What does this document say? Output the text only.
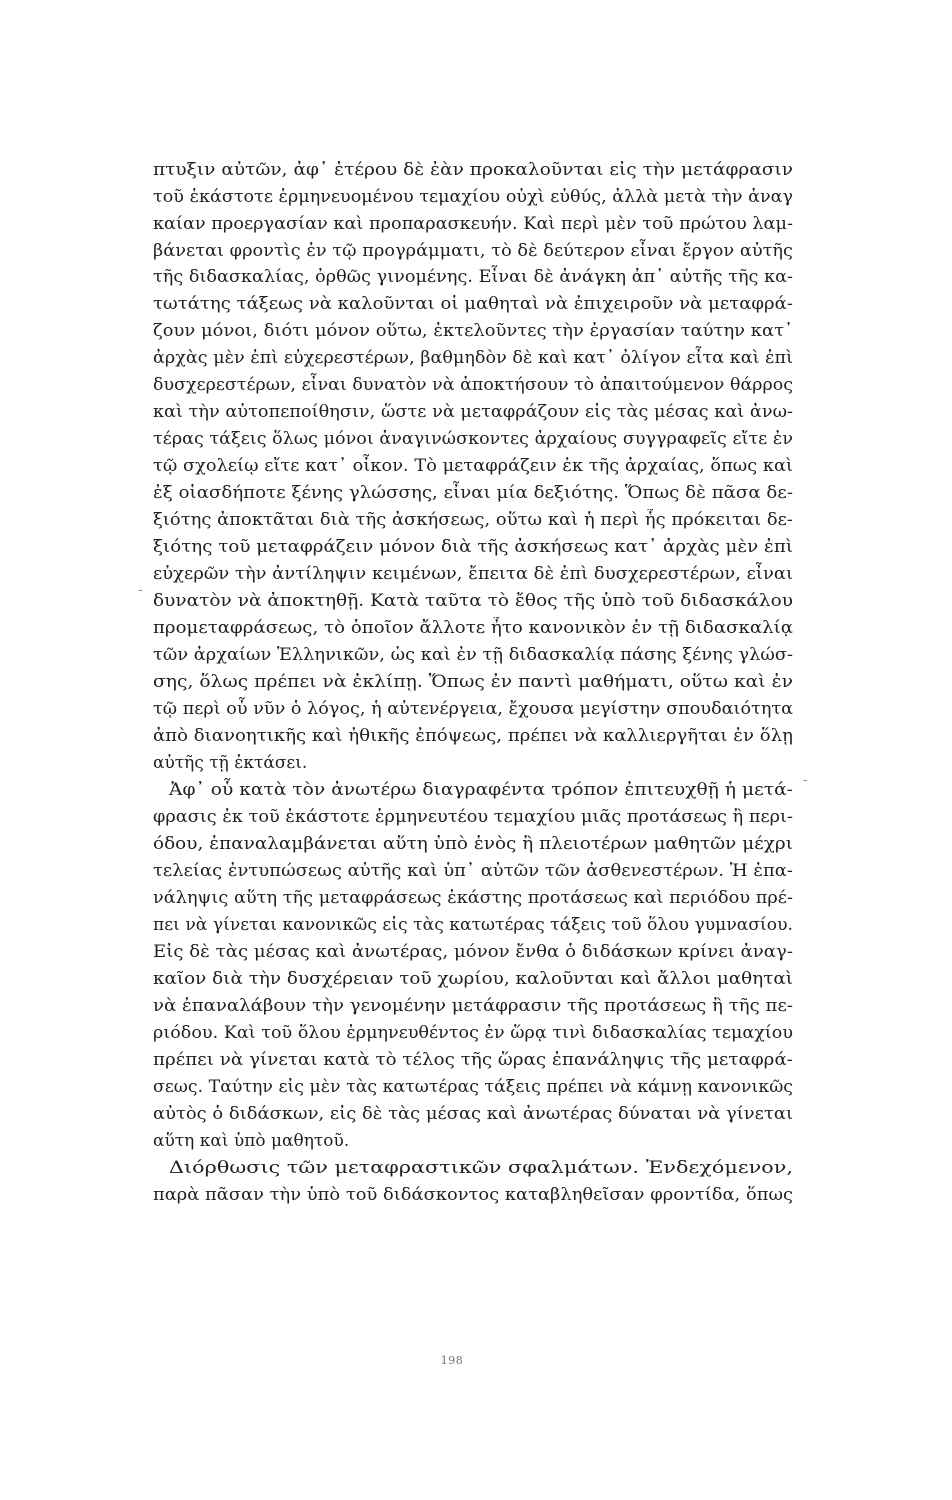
πτυξιν αὐτῶν, ἀφ᾽ ἑτέρου δὲ ἐὰν προκαλοῦνται εἰς τὴν μετάφρασιν
τοῦ ἑκάστοτε ἑρμηνευομένου τεμαχίου οὐχὶ εὐθύς, ἀλλὰ μετὰ τὴν ἀναγ
καίαν προεργασίαν καὶ προπαρασκευήν. Καὶ περὶ μὲν τοῦ πρώτου λαμ-
βάνεται φροντὶς ἐν τῷ προγράμματι, τὸ δὲ δεύτερον εἶναι ἔργον αὐτῆς
τῆς διδασκαλίας, ὀρθῶς γινομένης. Εἶναι δὲ ἀνάγκη ἀπ᾽ αὐτῆς τῆς κα-
τωτάτης τάξεως νὰ καλοῦνται οἱ μαθηταὶ νὰ ἐπιχειροῦν νὰ μεταφρά-
ζουν μόνοι, διότι μόνον οὕτω, ἐκτελοῦντες τὴν ἐργασίαν ταύτην κατ᾽
ἀρχὰς μὲν ἐπὶ εὐχερεστέρων, βαθμηδὸν δὲ καὶ κατ᾽ ὀλίγον εἶτα καὶ ἐπὶ
δυσχερεστέρων, εἶναι δυνατὸν νὰ ἀποκτήσουν τὸ ἀπαιτούμενον θάρρος
καὶ τὴν αὐτοπεποίθησιν, ὥστε νὰ μεταφράζουν εἰς τὰς μέσας καὶ ἀνω-
τέρας τάξεις ὅλως μόνοι ἀναγινώσκοντες ἀρχαίους συγγραφεῖς εἴτε ἐν
τῷ σχολείῳ εἴτε κατ᾽ οἶκον. Τὸ μεταφράζειν ἐκ τῆς ἀρχαίας, ὅπως καὶ
ἐξ οἱασδήποτε ξένης γλώσσης, εἶναι μία δεξιότης. Ὅπως δὲ πᾶσα δε-
ξιότης ἀποκτᾶται διὰ τῆς ἀσκήσεως, οὕτω καὶ ἡ περὶ ἧς πρόκειται δε-
ξιότης τοῦ μεταφράζειν μόνον διὰ τῆς ἀσκήσεως κατ᾽ ἀρχὰς μὲν ἐπὶ
εὐχερῶν τὴν ἀντίληψιν κειμένων, ἔπειτα δὲ ἐπὶ δυσχερεστέρων, εἶναι
δυνατὸν νὰ ἀποκτηθῇ. Κατὰ ταῦτα τὸ ἔθος τῆς ὑπὸ τοῦ διδασκάλου
προμεταφράσεως, τὸ ὁποῖον ἄλλοτε ἦτο κανονικὸν ἐν τῇ διδασκαλίᾳ
τῶν ἀρχαίων Ἑλληνικῶν, ὡς καὶ ἐν τῇ διδασκαλίᾳ πάσης ξένης γλώσ-
σης, ὅλως πρέπει νὰ ἐκλίπῃ. Ὅπως ἐν παντὶ μαθήματι, οὕτω καὶ ἐν
τῷ περὶ οὗ νῦν ὁ λόγος, ἡ αὐτενέργεια, ἔχουσα μεγίστην σπουδαιότητα
ἀπὸ διανοητικῆς καὶ ἠθικῆς ἐπόψεως, πρέπει νὰ καλλιεργῆται ἐν ὅλῃ
αὐτῆς τῇ ἐκτάσει.
Ἀφ᾽ οὗ κατὰ τὸν ἀνωτέρω διαγραφέντα τρόπον ἐπιτευχθῇ ἡ μετά-
φρασις ἐκ τοῦ ἑκάστοτε ἑρμηνευτέου τεμαχίου μιᾶς προτάσεως ἢ περι-
όδου, ἐπαναλαμβάνεται αὕτη ὑπὸ ἑνὸς ἢ πλειοτέρων μαθητῶν μέχρι
τελείας ἐντυπώσεως αὐτῆς καὶ ὑπ᾽ αὐτῶν τῶν ἀσθενεστέρων. Ἡ ἐπα-
νάληψις αὕτη τῆς μεταφράσεως ἑκάστης προτάσεως καὶ περιόδου πρέ-
πει νὰ γίνεται κανονικῶς εἰς τὰς κατωτέρας τάξεις τοῦ ὅλου γυμνασίου.
Εἰς δὲ τὰς μέσας καὶ ἀνωτέρας, μόνον ἔνθα ὁ διδάσκων κρίνει ἀναγ-
καῖον διὰ τὴν δυσχέρειαν τοῦ χωρίου, καλοῦνται καὶ ἄλλοι μαθηταὶ
νὰ ἐπαναλάβουν τὴν γενομένην μετάφρασιν τῆς προτάσεως ἢ τῆς πε-
ριόδου. Καὶ τοῦ ὅλου ἑρμηνευθέντος ἐν ὥρᾳ τινὶ διδασκαλίας τεμαχίου
πρέπει νὰ γίνεται κατὰ τὸ τέλος τῆς ὥρας ἐπανάληψις τῆς μεταφρά-
σεως. Ταύτην εἰς μὲν τὰς κατωτέρας τάξεις πρέπει νὰ κάμνῃ κανονικῶς
αὐτὸς ὁ διδάσκων, εἰς δὲ τὰς μέσας καὶ ἀνωτέρας δύναται νὰ γίνεται
αὕτη καὶ ὑπὸ μαθητοῦ.
Διόρθωσις τῶν μεταφραστικῶν σφαλμάτων. Ἐνδεχόμενον,
παρὰ πᾶσαν τὴν ὑπὸ τοῦ διδάσκοντος καταβληθεῖσαν φροντίδα, ὅπως
-
-
198
